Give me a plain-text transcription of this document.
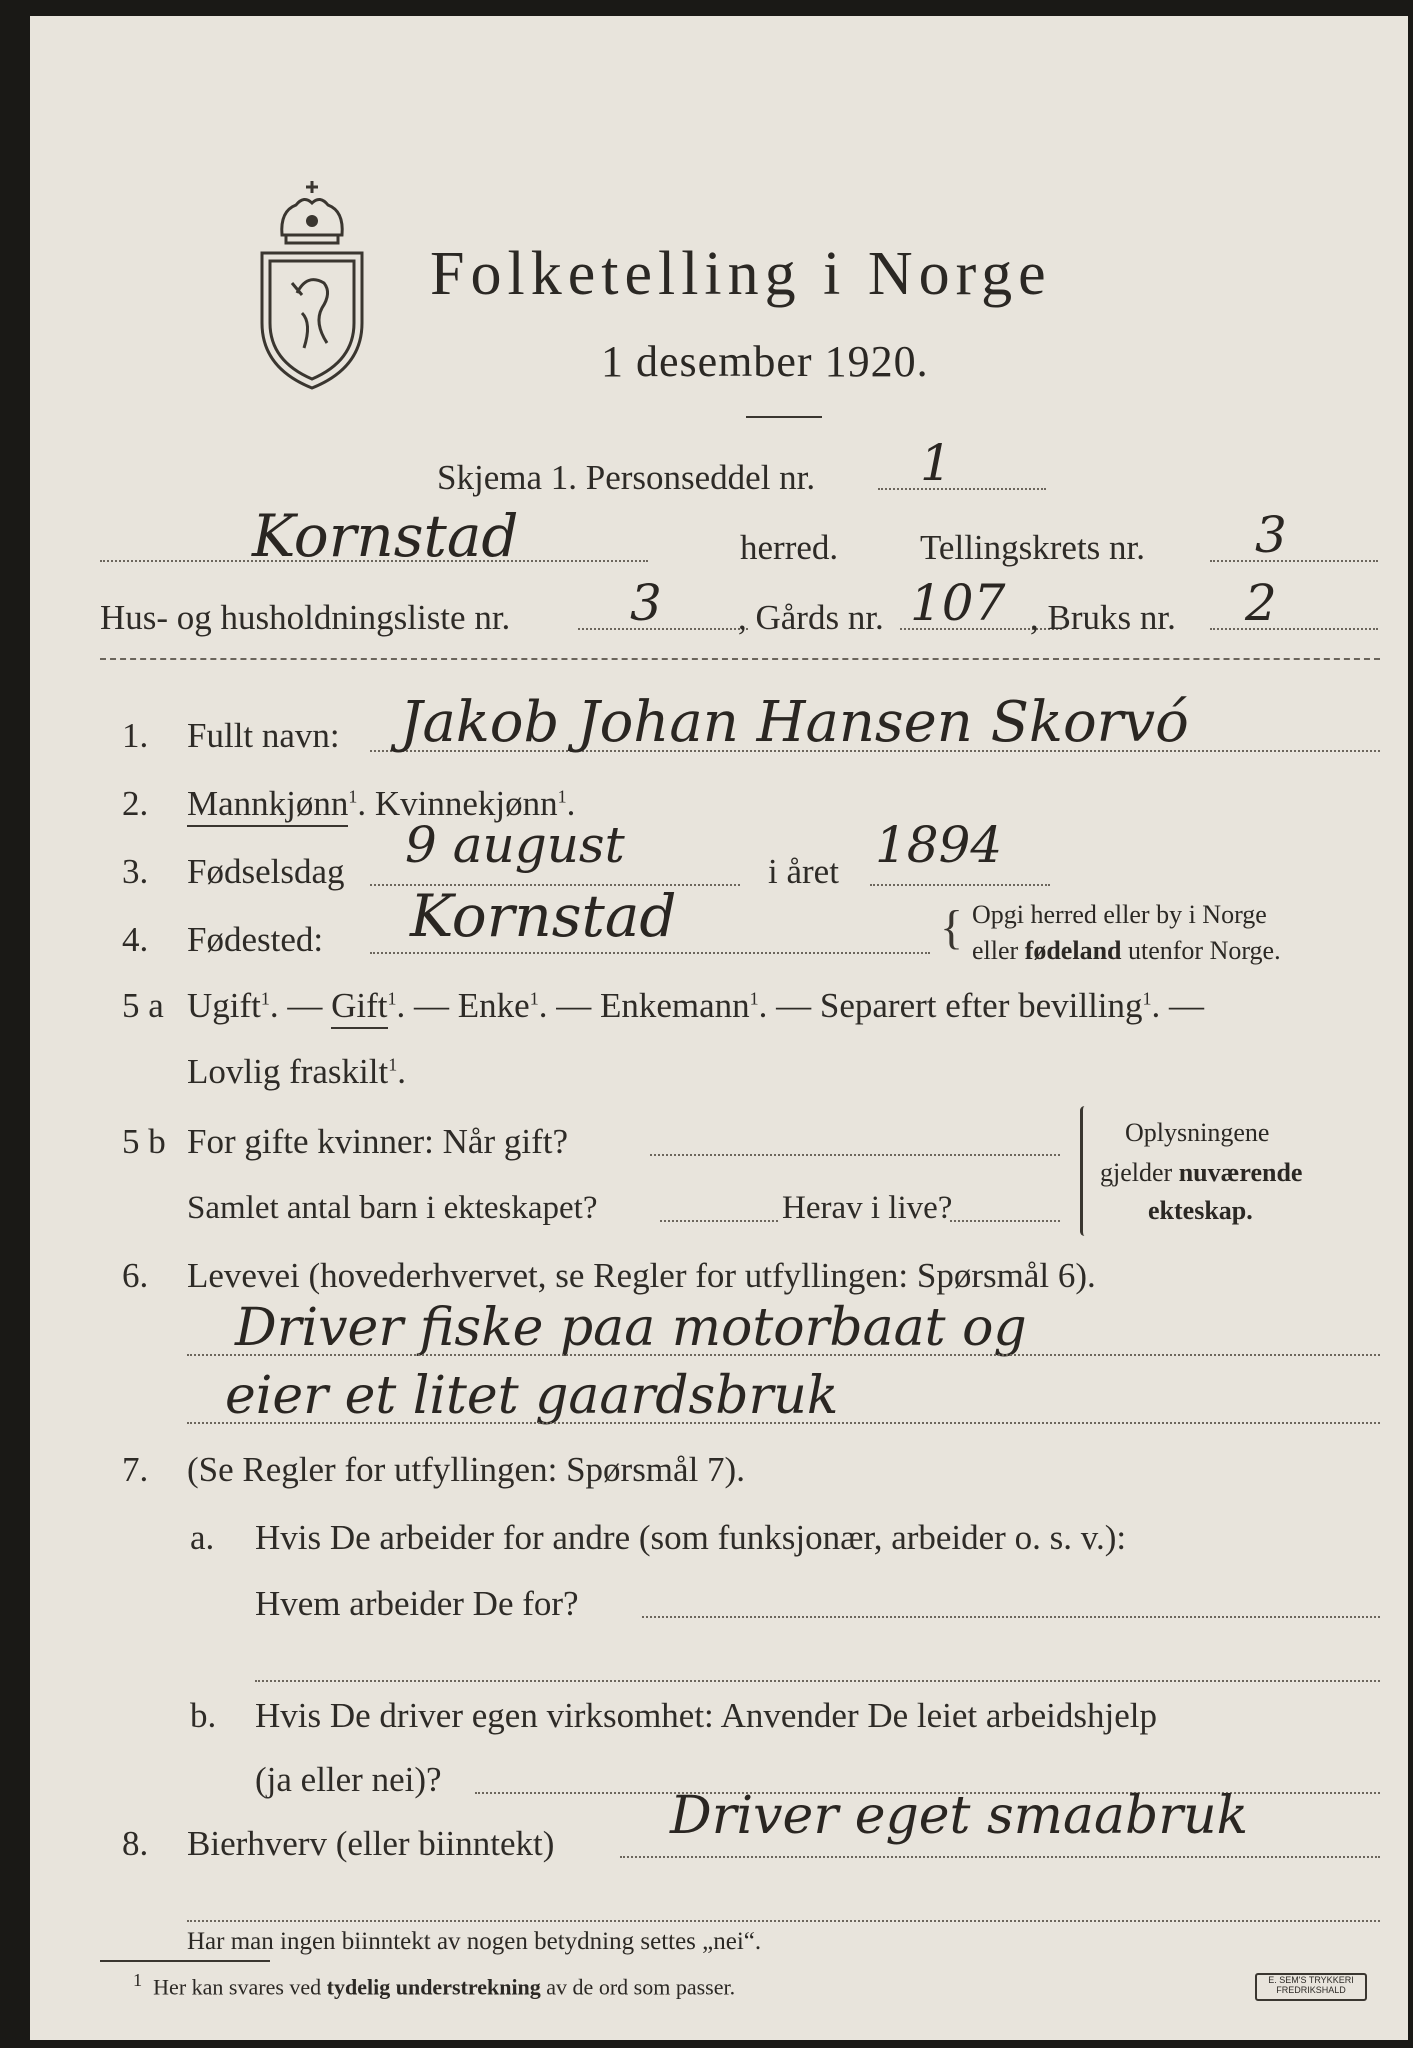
Folketelling i Norge
1 desember 1920.
Skjema 1. Personseddel nr. 1
Kornstad	herred. Tellingskrets nr. 3
Hus- og husholdningsliste nr. 3 , Gårds nr. 107 , Bruks nr. 2
1. Fullt navn: Jakob Johan Hansen Skorvó
2. Mannkjønn$^1$. Kvinnekjønn$^1$.
3. Fødselsdag 9 august	i året 1894
4. Fødested: Kornstad	{ Opgi herred eller by i Norge
eller fødeland utenfor Norge.
5 a Ugift$^1$. — Gift$^1$. — Enke$^1$. — Enkemann$^1$. — Separert efter bevilling$^1$. —
Lovlig fraskilt$^1$.
5 b For gifte kvinner: Når gift?
Samlet antal barn i ekteskapet?	Herav i live?
Oplysningene
gjelder nuværende
ekteskap.
6. Levevei (hovederhvervet, se Regler for utfyllingen: Spørsmål 6).
Driver fiske paa motorbaat og
eier et litet gaardsbruk
7. (Se Regler for utfyllingen: Spørsmål 7).
a. Hvis De arbeider for andre (som funksjonær, arbeider o. s. v.):
Hvem arbeider De for?
b. Hvis De driver egen virksomhet: Anvender De leiet arbeidshjelp
(ja eller nei)?
8. Bierhverv (eller biinntekt) Driver eget smaabruk
Har man ingen biinntekt av nogen betydning settes „nei“.
$^1$ Her kan svares ved tydelig understrekning av de ord som passer.	E. SEM'S TRYKKERI FREDRIKSHALD
